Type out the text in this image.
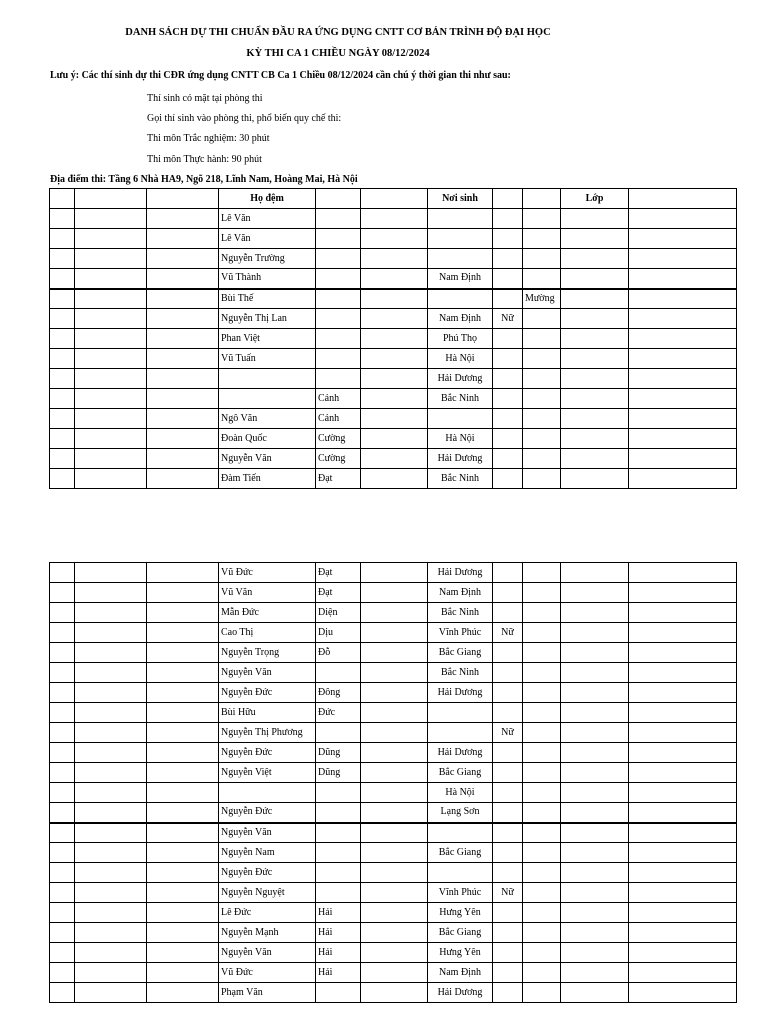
DANH SÁCH DỰ THI CHUẨN ĐẦU RA ỨNG DỤNG CNTT CƠ BẢN TRÌNH ĐỘ ĐẠI HỌC
KỲ THI CA 1 CHIỀU NGÀY 08/12/2024
Lưu ý: Các thí sinh dự thi CĐR ứng dụng CNTT CB Ca 1 Chiều 08/12/2024 cần chú ý thời gian thi như sau:
Thí sinh có mặt tại phòng thi
Gọi thí sinh vào phòng thi, phổ biến quy chế thi:
Thi môn Trắc nghiệm: 30 phút
Thi môn Thực hành: 90 phút
Địa điểm thi: Tầng 6 Nhà HA9, Ngõ 218, Lĩnh Nam, Hoàng Mai, Hà Nội
			Họ đệm			Nơi sinh			Lớp	
			Lê Văn							
			Lê Văn							
			Nguyễn Trường							
			Vũ Thành			Nam Định				
			Bùi Thế					Mường		
			Nguyễn Thị Lan			Nam Định	Nữ			
			Phan Việt			Phú Thọ				
			Vũ Tuấn			Hà Nội				
						Hải Dương				
				Cảnh		Bắc Ninh				
			Ngô Văn	Cảnh						
			Đoàn Quốc	Cường		Hà Nội				
			Nguyễn Văn	Cường		Hải Dương				
			Đàm Tiến	Đạt		Bắc Ninh				
			Vũ Đức	Đạt		Hải Dương				
			Vũ Văn	Đạt		Nam Định				
			Mẫn Đức	Diện		Bắc Ninh				
			Cao Thị	Dịu		Vĩnh Phúc	Nữ			
			Nguyễn Trọng	Đỗ		Bắc Giang				
			Nguyễn Văn			Bắc Ninh				
			Nguyễn Đức	Đông		Hải Dương				
			Bùi Hữu	Đức						
			Nguyễn Thị Phương				Nữ			
			Nguyễn Đức	Dũng		Hải Dương				
			Nguyễn Việt	Dũng		Bắc Giang				
						Hà Nội				
			Nguyễn Đức			Lạng Sơn				
			Nguyễn Văn							
			Nguyễn Nam			Bắc Giang				
			Nguyễn Đức							
			Nguyễn Nguyệt			Vĩnh Phúc	Nữ			
			Lê Đức	Hải		Hưng Yên				
			Nguyễn Mạnh	Hải		Bắc Giang				
			Nguyễn Văn	Hải		Hưng Yên				
			Vũ Đức	Hải		Nam Định				
			Phạm Văn			Hải Dương				
